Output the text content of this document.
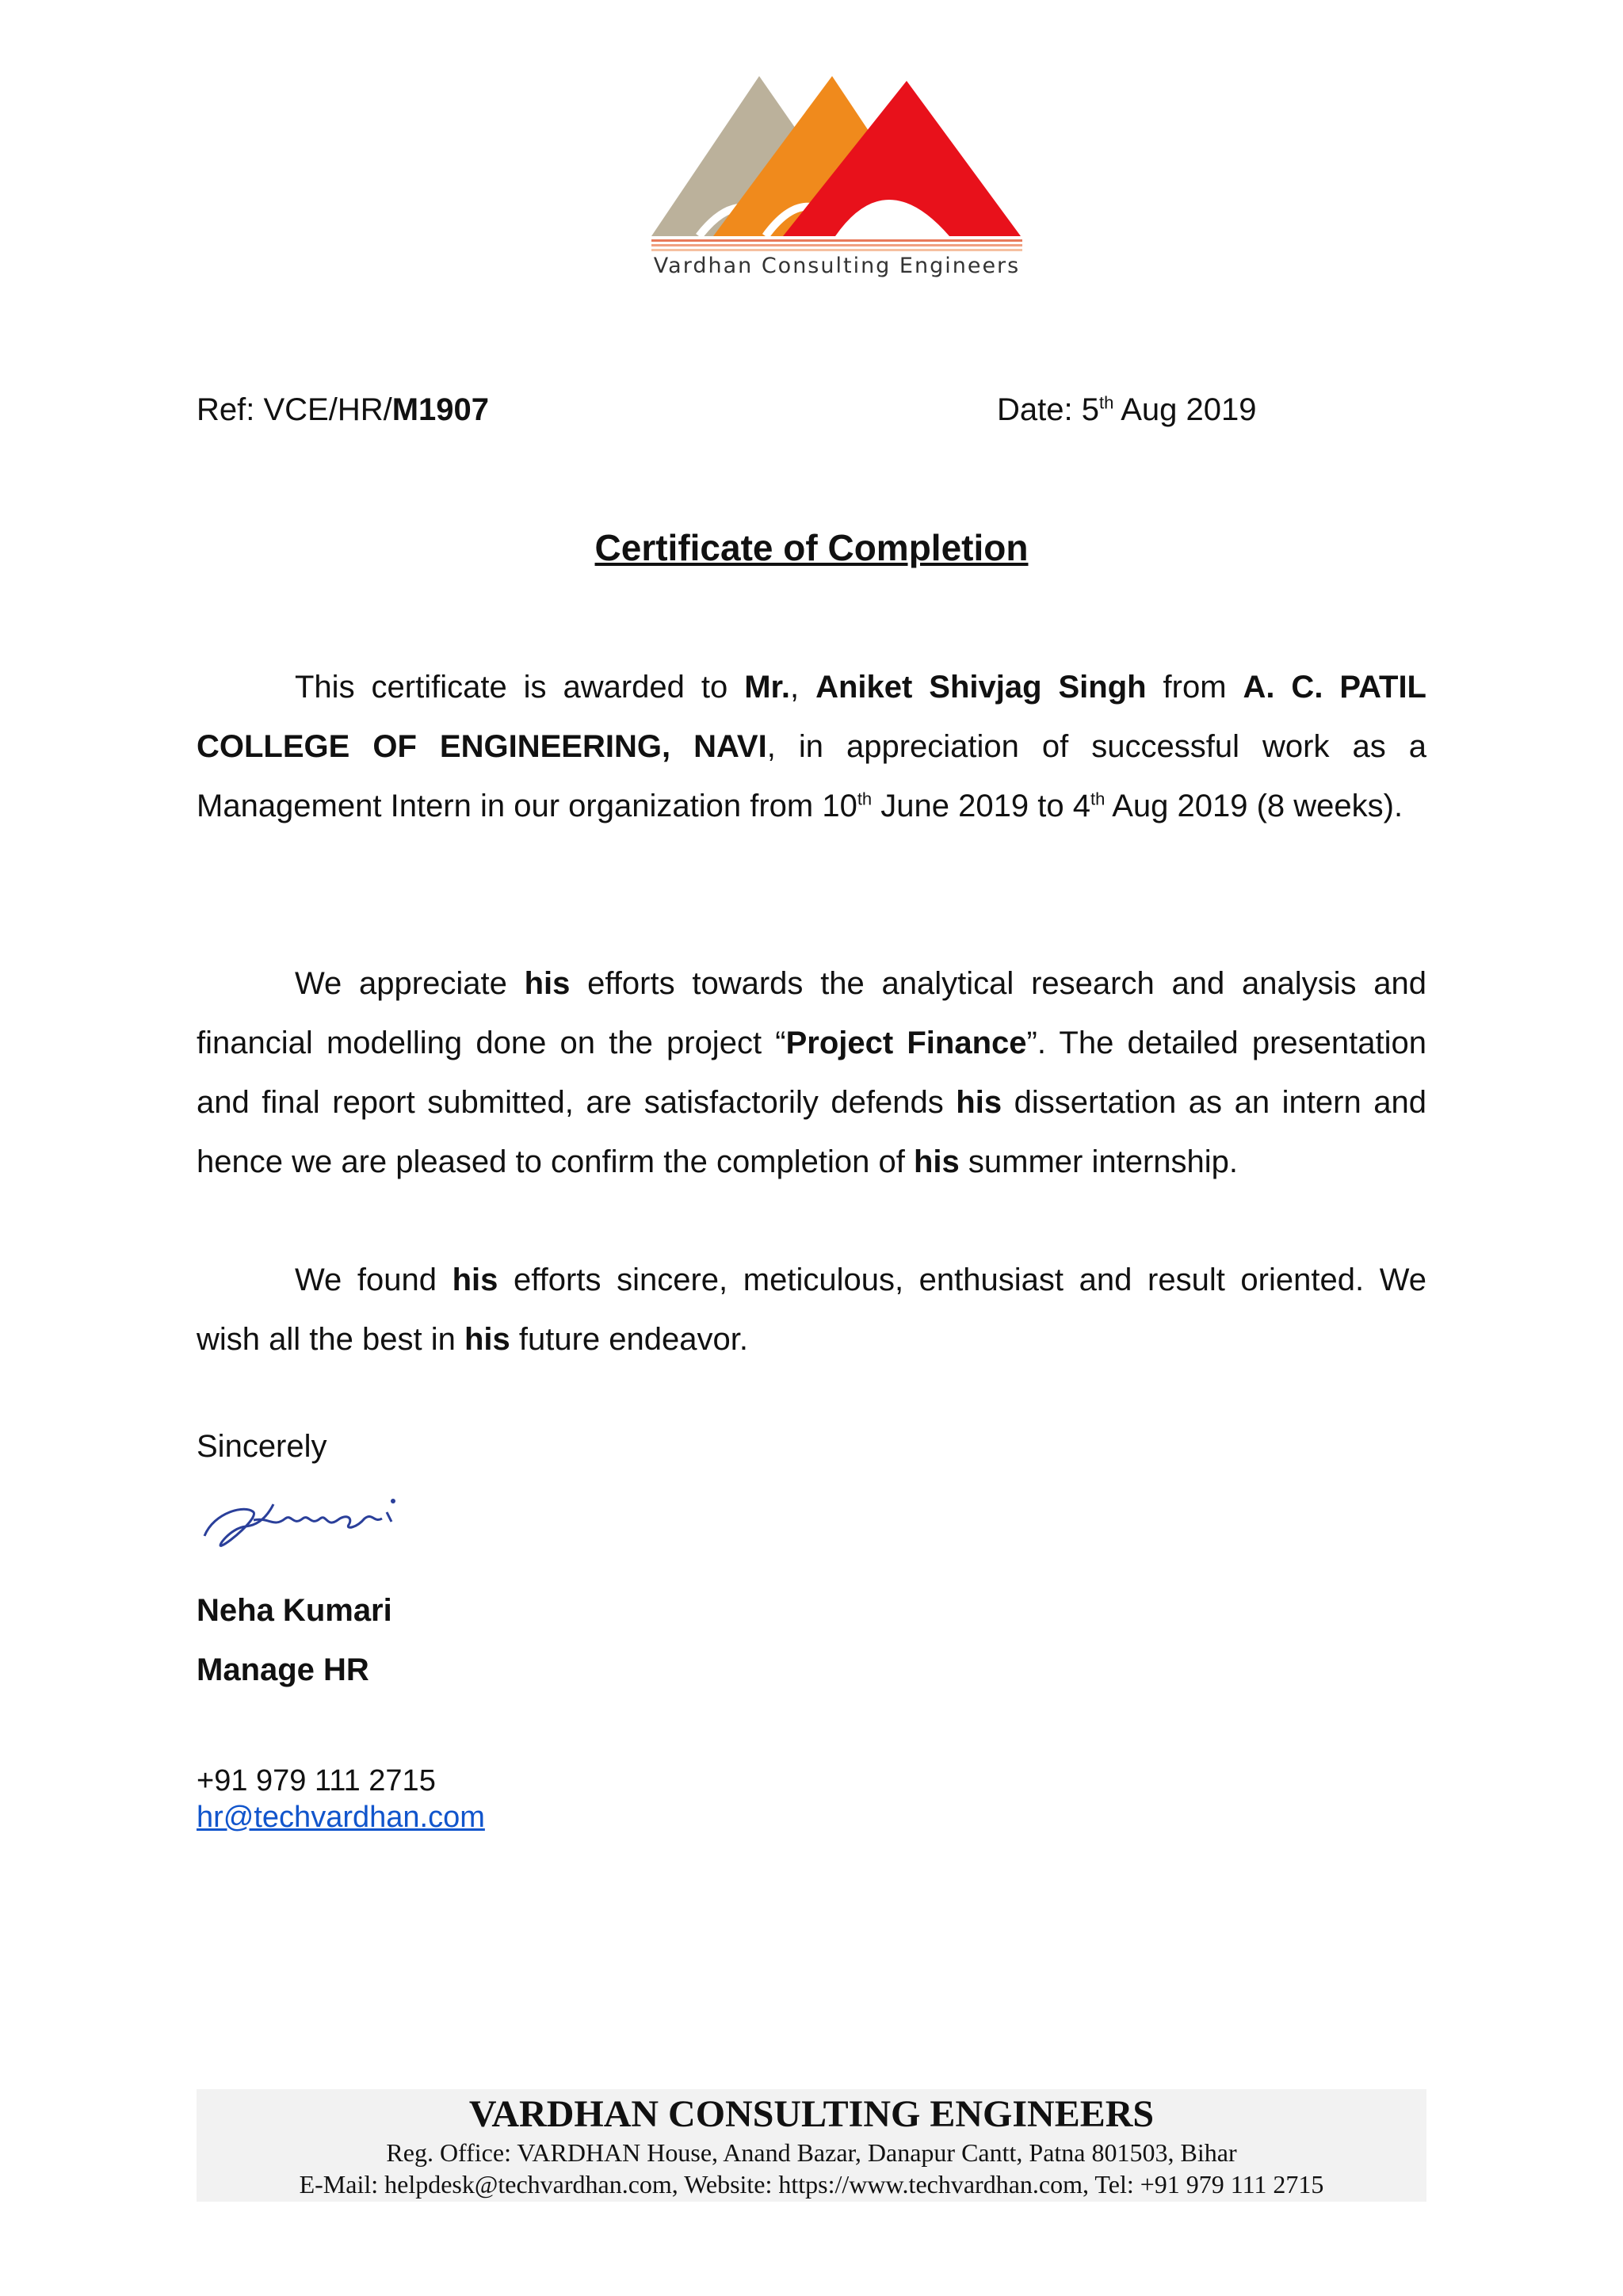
Vardhan Consulting Engineers
Ref: VCE/HR/M1907	Date: 5th Aug 2019
Certificate of Completion

This certificate is awarded to Mr., Aniket Shivjag Singh from A. C. PATIL COLLEGE OF ENGINEERING, NAVI, in appreciation of successful work as a Management Intern in our organization from 10th June 2019 to 4th Aug 2019 (8 weeks).

We appreciate his efforts towards the analytical research and analysis and financial modelling done on the project “Project Finance”. The detailed presentation and final report submitted, are satisfactorily defends his dissertation as an intern and hence we are pleased to confirm the completion of his summer internship.

We found his efforts sincere, meticulous, enthusiast and result oriented. We wish all the best in his future endeavor.

Sincerely
Neha Kumari
Manage HR
+91 979 111 2715
hr@techvardhan.com
VARDHAN CONSULTING ENGINEERS
Reg. Office: VARDHAN House, Anand Bazar, Danapur Cantt, Patna 801503, Bihar
E-Mail: helpdesk@techvardhan.com, Website: https://www.techvardhan.com, Tel: +91 979 111 2715
